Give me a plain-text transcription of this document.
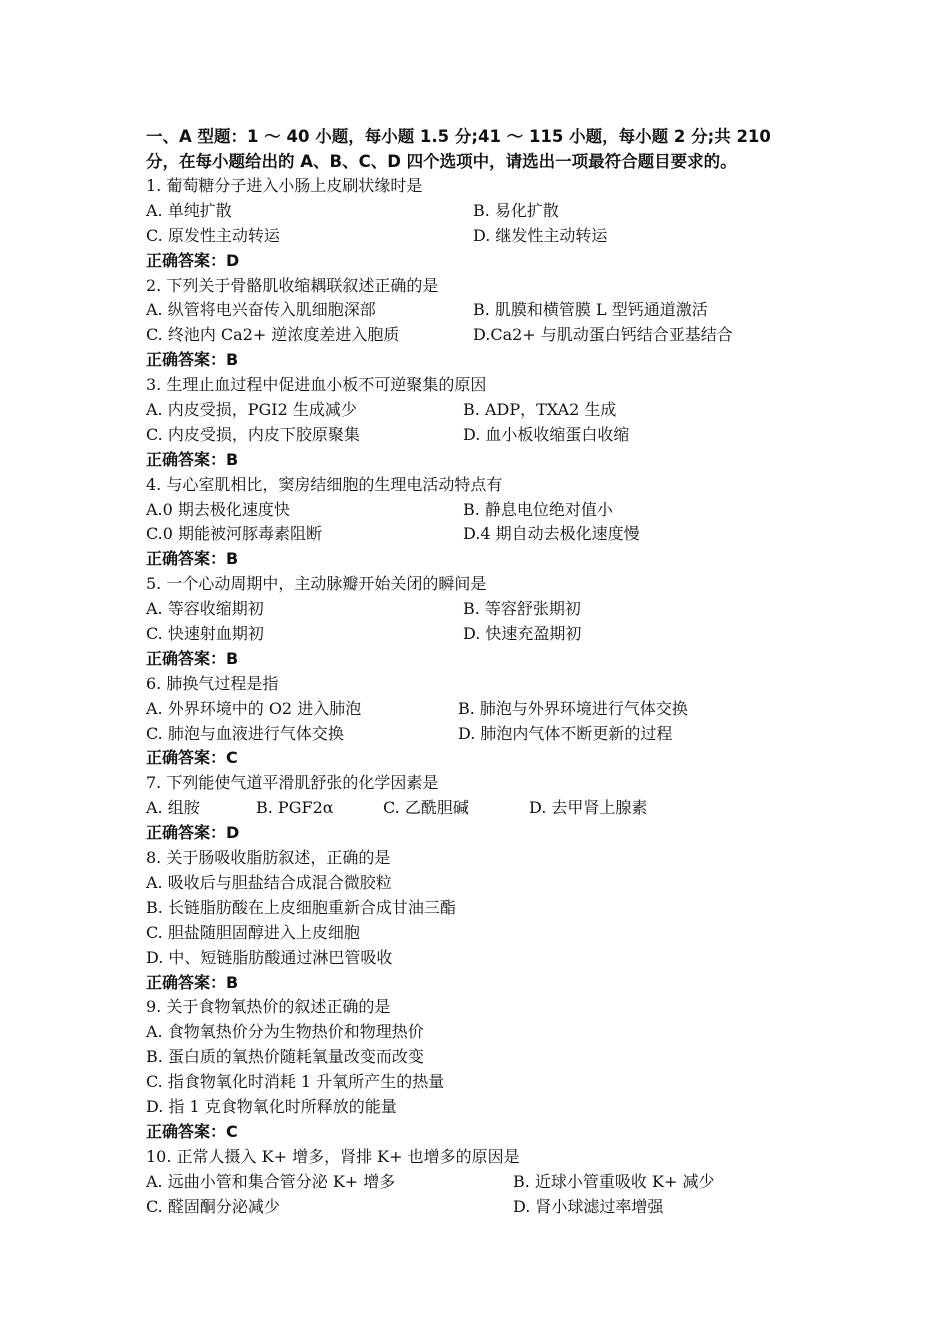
一、A 型题：1 ～ 40 小题，每小题 1.5 分;41 ～ 115 小题，每小题 2 分;共 210
分，在每小题给出的 A、B、C、D 四个选项中，请选出一项最符合题目要求的。
1. 葡萄糖分子进入小肠上皮刷状缘时是
A. 单纯扩散	B. 易化扩散
C. 原发性主动转运	D. 继发性主动转运
正确答案：D
2. 下列关于骨骼肌收缩耦联叙述正确的是
A. 纵管将电兴奋传入肌细胞深部	B. 肌膜和横管膜 L 型钙通道激活
C. 终池内 Ca2+ 逆浓度差进入胞质	D.Ca2+ 与肌动蛋白钙结合亚基结合
正确答案：B
3. 生理止血过程中促进血小板不可逆聚集的原因
A. 内皮受损，PGI2 生成减少	B. ADP，TXA2 生成
C. 内皮受损，内皮下胶原聚集	D. 血小板收缩蛋白收缩
正确答案：B
4. 与心室肌相比，窦房结细胞的生理电活动特点有
A.0 期去极化速度快	B. 静息电位绝对值小
C.0 期能被河豚毒素阻断	D.4 期自动去极化速度慢
正确答案：B
5. 一个心动周期中，主动脉瓣开始关闭的瞬间是
A. 等容收缩期初	B. 等容舒张期初
C. 快速射血期初	D. 快速充盈期初
正确答案：B
6. 肺换气过程是指
A. 外界环境中的 O2 进入肺泡	B. 肺泡与外界环境进行气体交换
C. 肺泡与血液进行气体交换	D. 肺泡内气体不断更新的过程
正确答案：C
7. 下列能使气道平滑肌舒张的化学因素是
A. 组胺	B. PGF2α	C. 乙酰胆碱	D. 去甲肾上腺素
正确答案：D
8. 关于肠吸收脂肪叙述，正确的是
A. 吸收后与胆盐结合成混合微胶粒
B. 长链脂肪酸在上皮细胞重新合成甘油三酯
C. 胆盐随胆固醇进入上皮细胞
D. 中、短链脂肪酸通过淋巴管吸收
正确答案：B
9. 关于食物氧热价的叙述正确的是
A. 食物氧热价分为生物热价和物理热价
B. 蛋白质的氧热价随耗氧量改变而改变
C. 指食物氧化时消耗 1 升氧所产生的热量
D. 指 1 克食物氧化时所释放的能量
正确答案：C
10. 正常人摄入 K+ 增多，肾排 K+ 也增多的原因是
A. 远曲小管和集合管分泌 K+ 增多	B. 近球小管重吸收 K+ 减少
C. 醛固酮分泌减少	D. 肾小球滤过率增强
